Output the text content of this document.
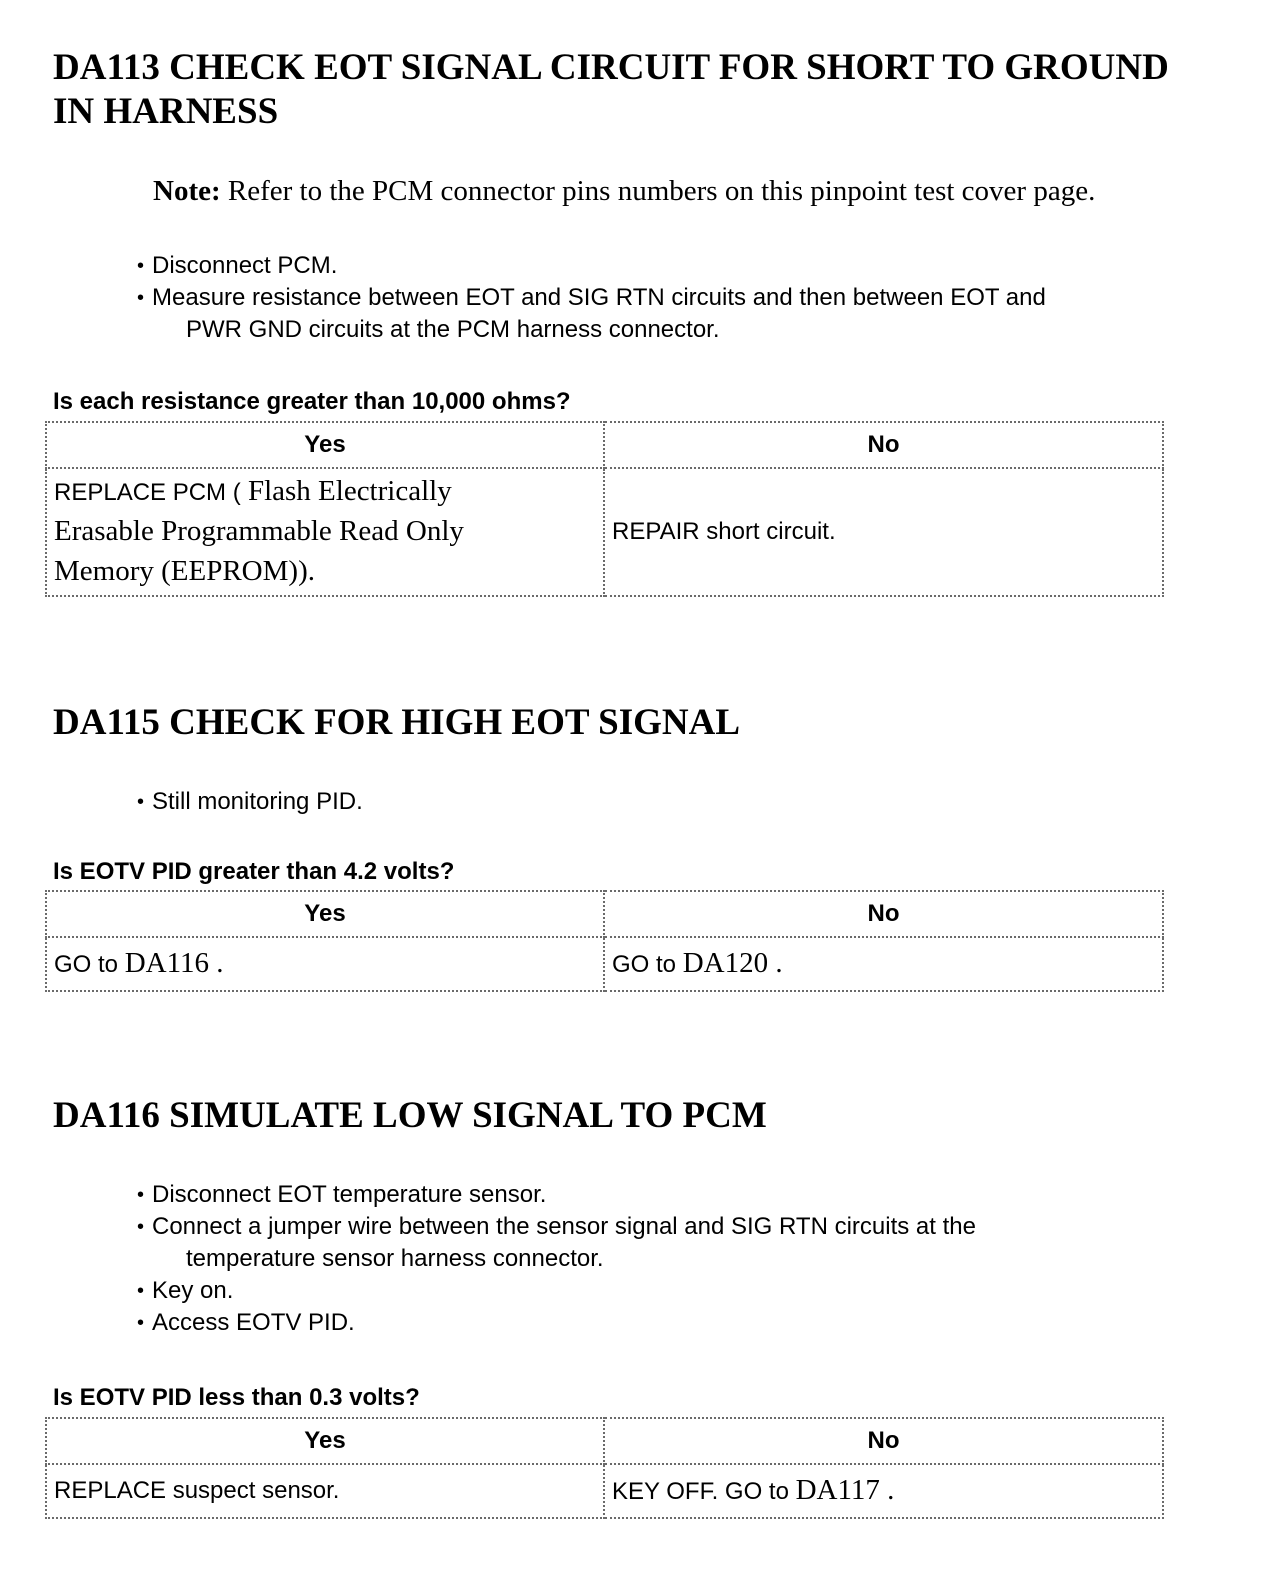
DA113 CHECK EOT SIGNAL CIRCUIT FOR SHORT TO GROUND
IN HARNESS
Note: Refer to the PCM connector pins numbers on this pinpoint test cover page.
• Disconnect PCM.
• Measure resistance between EOT and SIG RTN circuits and then between EOT and
PWR GND circuits at the PCM harness connector.
Is each resistance greater than 10,000 ohms?
Yes	No
REPLACE PCM ( Flash Electrically
Erasable Programmable Read Only
Memory (EEPROM)).	REPAIR short circuit.
DA115 CHECK FOR HIGH EOT SIGNAL
• Still monitoring PID.
Is EOTV PID greater than 4.2 volts?
Yes	No
GO to DA116 .	GO to DA120 .
DA116 SIMULATE LOW SIGNAL TO PCM
• Disconnect EOT temperature sensor.
• Connect a jumper wire between the sensor signal and SIG RTN circuits at the
temperature sensor harness connector.
• Key on.
• Access EOTV PID.
Is EOTV PID less than 0.3 volts?
Yes	No
REPLACE suspect sensor.	KEY OFF. GO to DA117 .
